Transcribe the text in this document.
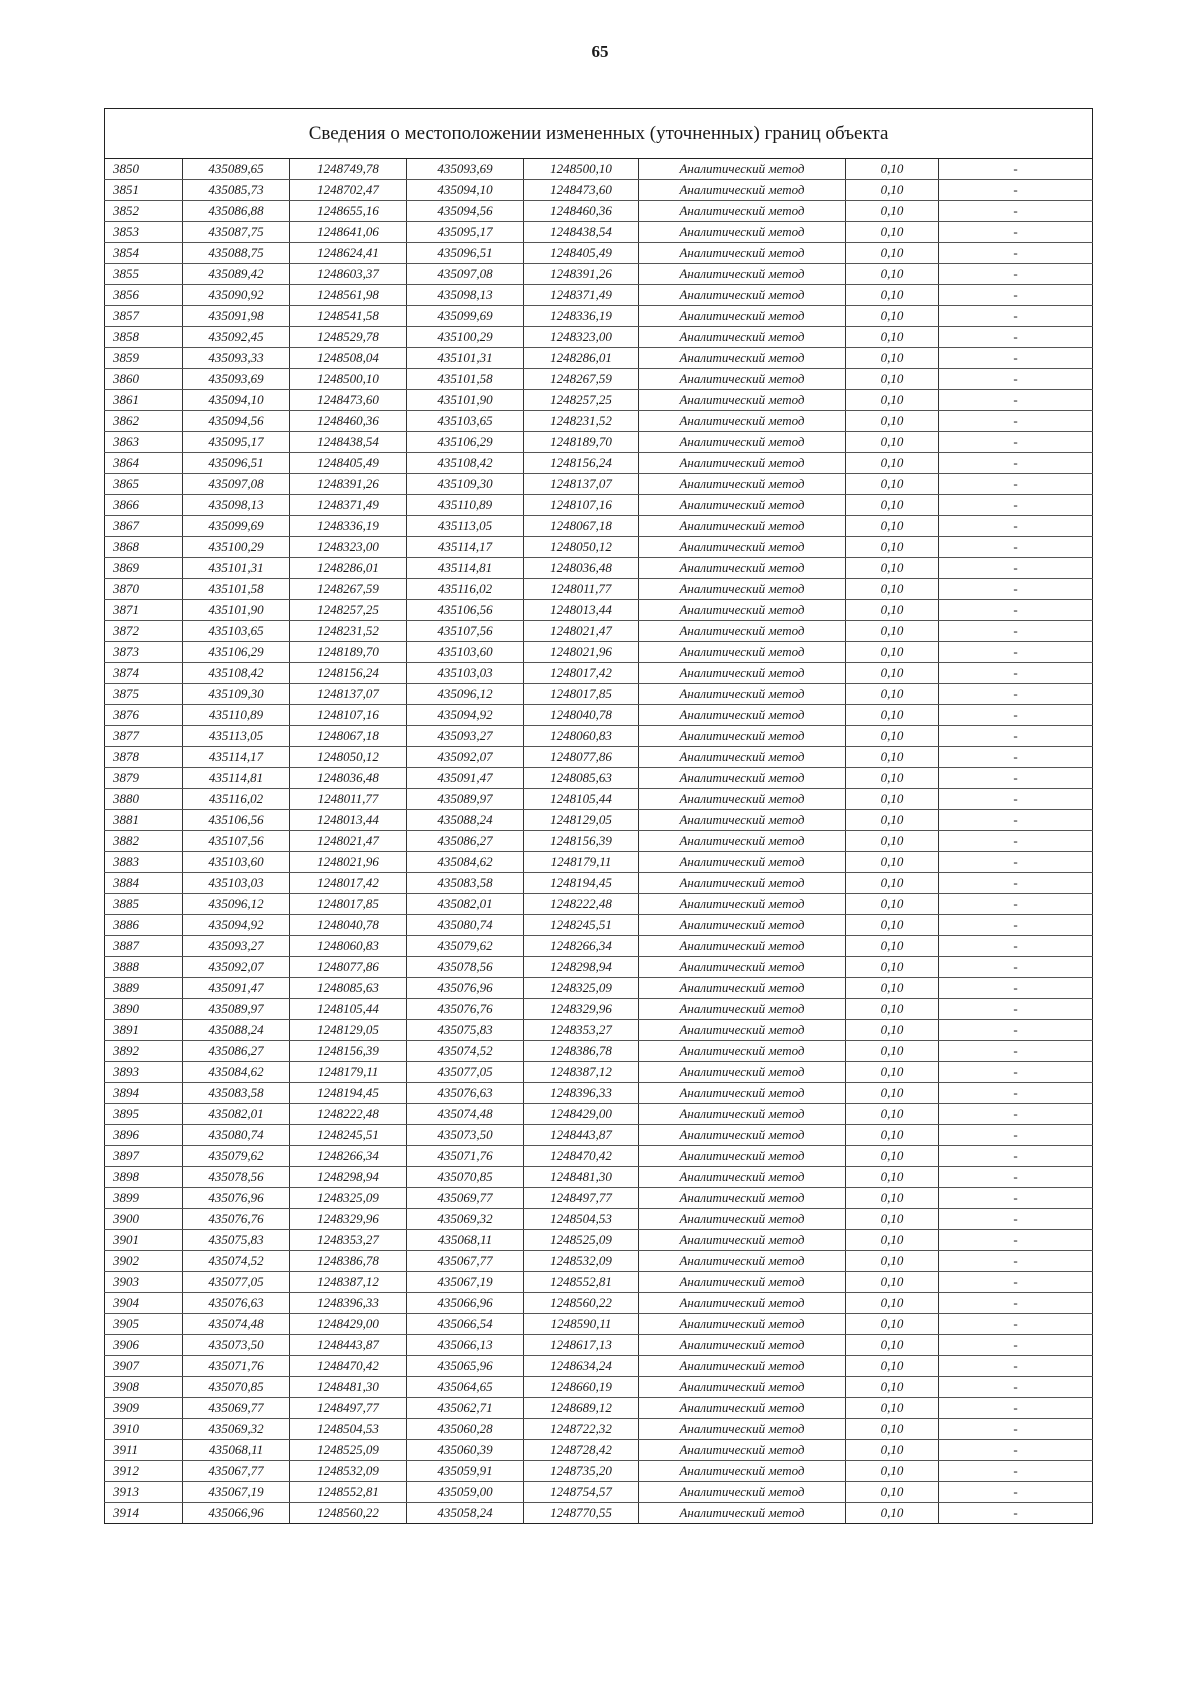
65
Сведения о местоположении измененных (уточненных) границ объекта							
3850	435089,65	1248749,78	435093,69	1248500,10	Аналитический метод	0,10	-
3851	435085,73	1248702,47	435094,10	1248473,60	Аналитический метод	0,10	-
3852	435086,88	1248655,16	435094,56	1248460,36	Аналитический метод	0,10	-
3853	435087,75	1248641,06	435095,17	1248438,54	Аналитический метод	0,10	-
3854	435088,75	1248624,41	435096,51	1248405,49	Аналитический метод	0,10	-
3855	435089,42	1248603,37	435097,08	1248391,26	Аналитический метод	0,10	-
3856	435090,92	1248561,98	435098,13	1248371,49	Аналитический метод	0,10	-
3857	435091,98	1248541,58	435099,69	1248336,19	Аналитический метод	0,10	-
3858	435092,45	1248529,78	435100,29	1248323,00	Аналитический метод	0,10	-
3859	435093,33	1248508,04	435101,31	1248286,01	Аналитический метод	0,10	-
3860	435093,69	1248500,10	435101,58	1248267,59	Аналитический метод	0,10	-
3861	435094,10	1248473,60	435101,90	1248257,25	Аналитический метод	0,10	-
3862	435094,56	1248460,36	435103,65	1248231,52	Аналитический метод	0,10	-
3863	435095,17	1248438,54	435106,29	1248189,70	Аналитический метод	0,10	-
3864	435096,51	1248405,49	435108,42	1248156,24	Аналитический метод	0,10	-
3865	435097,08	1248391,26	435109,30	1248137,07	Аналитический метод	0,10	-
3866	435098,13	1248371,49	435110,89	1248107,16	Аналитический метод	0,10	-
3867	435099,69	1248336,19	435113,05	1248067,18	Аналитический метод	0,10	-
3868	435100,29	1248323,00	435114,17	1248050,12	Аналитический метод	0,10	-
3869	435101,31	1248286,01	435114,81	1248036,48	Аналитический метод	0,10	-
3870	435101,58	1248267,59	435116,02	1248011,77	Аналитический метод	0,10	-
3871	435101,90	1248257,25	435106,56	1248013,44	Аналитический метод	0,10	-
3872	435103,65	1248231,52	435107,56	1248021,47	Аналитический метод	0,10	-
3873	435106,29	1248189,70	435103,60	1248021,96	Аналитический метод	0,10	-
3874	435108,42	1248156,24	435103,03	1248017,42	Аналитический метод	0,10	-
3875	435109,30	1248137,07	435096,12	1248017,85	Аналитический метод	0,10	-
3876	435110,89	1248107,16	435094,92	1248040,78	Аналитический метод	0,10	-
3877	435113,05	1248067,18	435093,27	1248060,83	Аналитический метод	0,10	-
3878	435114,17	1248050,12	435092,07	1248077,86	Аналитический метод	0,10	-
3879	435114,81	1248036,48	435091,47	1248085,63	Аналитический метод	0,10	-
3880	435116,02	1248011,77	435089,97	1248105,44	Аналитический метод	0,10	-
3881	435106,56	1248013,44	435088,24	1248129,05	Аналитический метод	0,10	-
3882	435107,56	1248021,47	435086,27	1248156,39	Аналитический метод	0,10	-
3883	435103,60	1248021,96	435084,62	1248179,11	Аналитический метод	0,10	-
3884	435103,03	1248017,42	435083,58	1248194,45	Аналитический метод	0,10	-
3885	435096,12	1248017,85	435082,01	1248222,48	Аналитический метод	0,10	-
3886	435094,92	1248040,78	435080,74	1248245,51	Аналитический метод	0,10	-
3887	435093,27	1248060,83	435079,62	1248266,34	Аналитический метод	0,10	-
3888	435092,07	1248077,86	435078,56	1248298,94	Аналитический метод	0,10	-
3889	435091,47	1248085,63	435076,96	1248325,09	Аналитический метод	0,10	-
3890	435089,97	1248105,44	435076,76	1248329,96	Аналитический метод	0,10	-
3891	435088,24	1248129,05	435075,83	1248353,27	Аналитический метод	0,10	-
3892	435086,27	1248156,39	435074,52	1248386,78	Аналитический метод	0,10	-
3893	435084,62	1248179,11	435077,05	1248387,12	Аналитический метод	0,10	-
3894	435083,58	1248194,45	435076,63	1248396,33	Аналитический метод	0,10	-
3895	435082,01	1248222,48	435074,48	1248429,00	Аналитический метод	0,10	-
3896	435080,74	1248245,51	435073,50	1248443,87	Аналитический метод	0,10	-
3897	435079,62	1248266,34	435071,76	1248470,42	Аналитический метод	0,10	-
3898	435078,56	1248298,94	435070,85	1248481,30	Аналитический метод	0,10	-
3899	435076,96	1248325,09	435069,77	1248497,77	Аналитический метод	0,10	-
3900	435076,76	1248329,96	435069,32	1248504,53	Аналитический метод	0,10	-
3901	435075,83	1248353,27	435068,11	1248525,09	Аналитический метод	0,10	-
3902	435074,52	1248386,78	435067,77	1248532,09	Аналитический метод	0,10	-
3903	435077,05	1248387,12	435067,19	1248552,81	Аналитический метод	0,10	-
3904	435076,63	1248396,33	435066,96	1248560,22	Аналитический метод	0,10	-
3905	435074,48	1248429,00	435066,54	1248590,11	Аналитический метод	0,10	-
3906	435073,50	1248443,87	435066,13	1248617,13	Аналитический метод	0,10	-
3907	435071,76	1248470,42	435065,96	1248634,24	Аналитический метод	0,10	-
3908	435070,85	1248481,30	435064,65	1248660,19	Аналитический метод	0,10	-
3909	435069,77	1248497,77	435062,71	1248689,12	Аналитический метод	0,10	-
3910	435069,32	1248504,53	435060,28	1248722,32	Аналитический метод	0,10	-
3911	435068,11	1248525,09	435060,39	1248728,42	Аналитический метод	0,10	-
3912	435067,77	1248532,09	435059,91	1248735,20	Аналитический метод	0,10	-
3913	435067,19	1248552,81	435059,00	1248754,57	Аналитический метод	0,10	-
3914	435066,96	1248560,22	435058,24	1248770,55	Аналитический метод	0,10	-
